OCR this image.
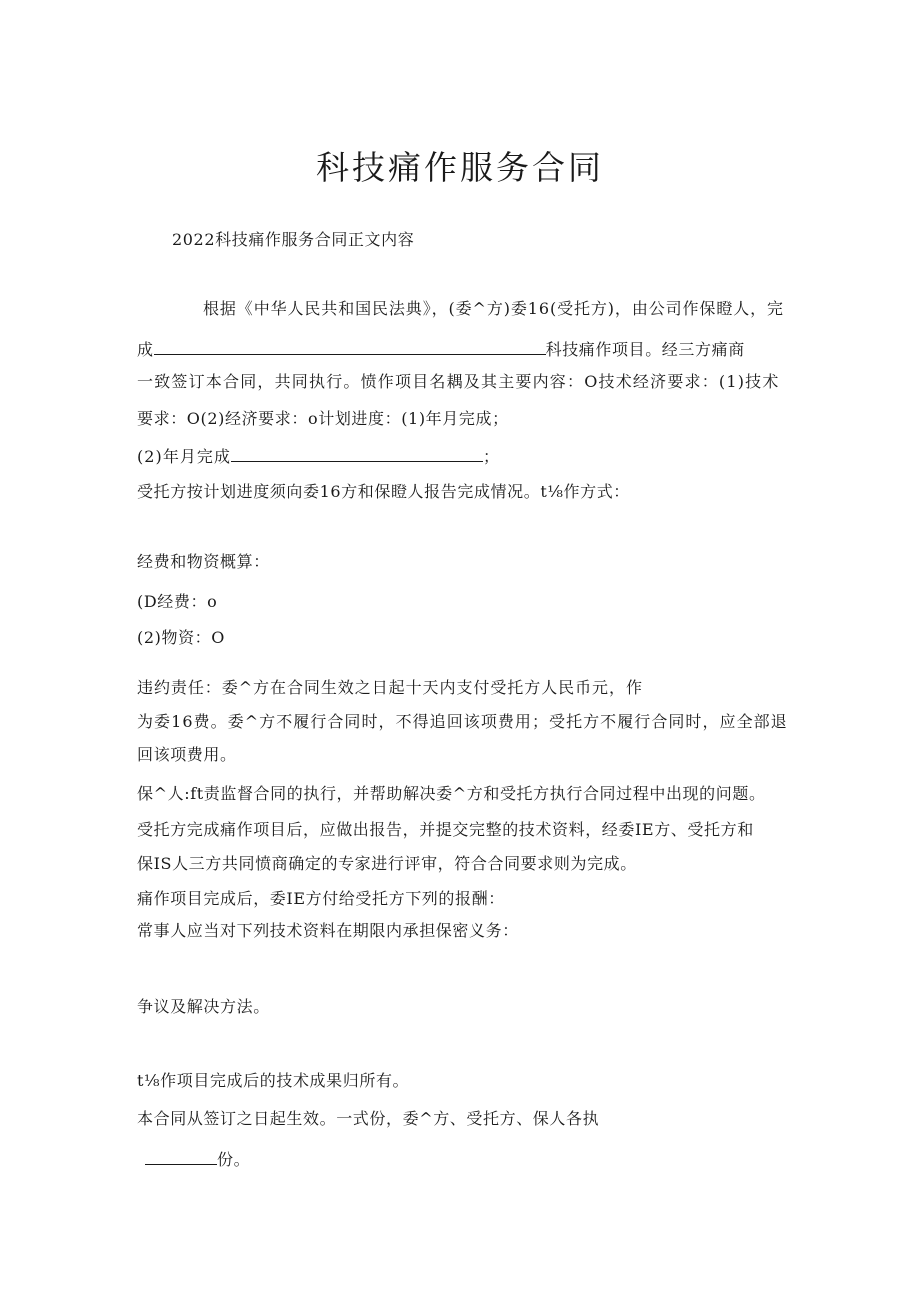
科技痛作服务合同
2022科技痛作服务合同正文内容
根据《中华人民共和国民法典》，(委^方)委16(受托方)，由公司作保瞪人，完
成	科技痛作项目。经三方痛商
一致签订本合同，共同执行。愤作项目名耦及其主要内容：O技术经济要求：(1)技术
要求：O(2)经济要求：o计划进度：(1)年月完成；
(2)年月完成	；
受托方按计划进度须向委16方和保瞪人报告完成情况。t⅛作方式：
经费和物资概算：
(D经费：o
(2)物资：O
违约责任：委^方在合同生效之日起十天内支付受托方人民币元，作
为委16费。委^方不履行合同时，不得追回该项费用；受托方不履行合同时，应全部退
回该项费用。
保^人:ft责监督合同的执行，并帮助解决委^方和受托方执行合同过程中出现的问题。
受托方完成痛作项目后，应做出报告，并提交完整的技术资料，经委IE方、受托方和
保IS人三方共同愤商确定的专家进行评审，符合合同要求则为完成。
痛作项目完成后，委IE方付给受托方下列的报酬：
常事人应当对下列技术资料在期限内承担保密义务：
争议及解决方法。
t⅛作项目完成后的技术成果归所有。
本合同从签订之日起生效。一式份，委^方、受托方、保人各执
份。
